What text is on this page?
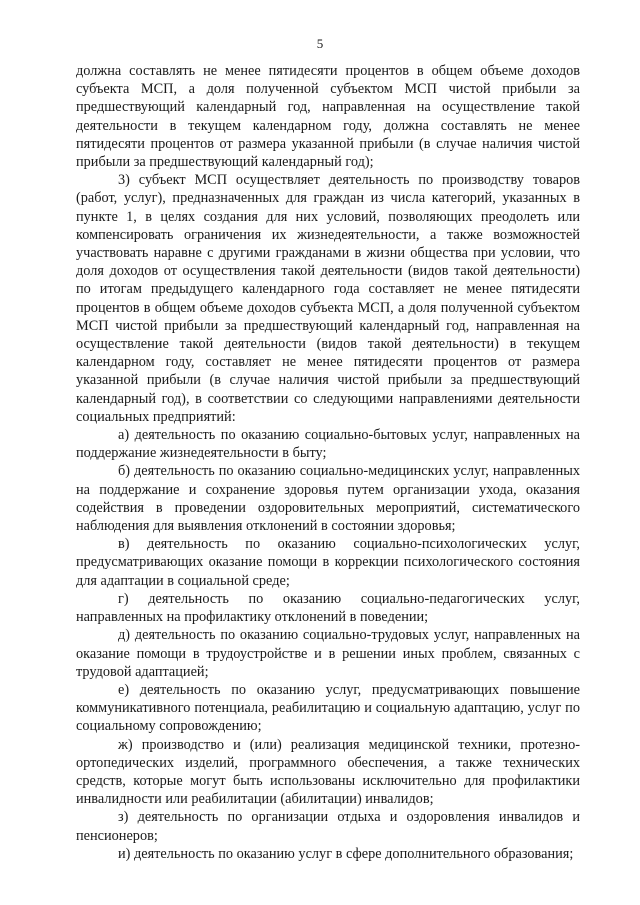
5

должна составлять не менее пятидесяти процентов в общем объеме доходов субъекта МСП, а доля полученной субъектом МСП чистой прибыли за предшествующий календарный год, направленная на осуществление такой деятельности в текущем календарном году, должна составлять не менее пятидесяти процентов от размера указанной прибыли (в случае наличия чистой прибыли за предшествующий календарный год);

3) субъект МСП осуществляет деятельность по производству товаров (работ, услуг), предназначенных для граждан из числа категорий, указанных в пункте 1, в целях создания для них условий, позволяющих преодолеть или компенсировать ограничения их жизнедеятельности, а также возможностей участвовать наравне с другими гражданами в жизни общества при условии, что доля доходов от осуществления такой деятельности (видов такой деятельности) по итогам предыдущего календарного года составляет не менее пятидесяти процентов в общем объеме доходов субъекта МСП, а доля полученной субъектом МСП чистой прибыли за предшествующий календарный год, направленная на осуществление такой деятельности (видов такой деятельности) в текущем календарном году, составляет не менее пятидесяти процентов от размера указанной прибыли (в случае наличия чистой прибыли за предшествующий календарный год), в соответствии со следующими направлениями деятельности социальных предприятий:

а) деятельность по оказанию социально-бытовых услуг, направленных на поддержание жизнедеятельности в быту;

б) деятельность по оказанию социально-медицинских услуг, направленных на поддержание и сохранение здоровья путем организации ухода, оказания содействия в проведении оздоровительных мероприятий, систематического наблюдения для выявления отклонений в состоянии здоровья;

в) деятельность по оказанию социально-психологических услуг, предусматривающих оказание помощи в коррекции психологического состояния для адаптации в социальной среде;

г) деятельность по оказанию социально-педагогических услуг, направленных на профилактику отклонений в поведении;

д) деятельность по оказанию социально-трудовых услуг, направленных на оказание помощи в трудоустройстве и в решении иных проблем, связанных с трудовой адаптацией;

е) деятельность по оказанию услуг, предусматривающих повышение коммуникативного потенциала, реабилитацию и социальную адаптацию, услуг по социальному сопровождению;

ж) производство и (или) реализация медицинской техники, протезно-ортопедических изделий, программного обеспечения, а также технических средств, которые могут быть использованы исключительно для профилактики инвалидности или реабилитации (абилитации) инвалидов;

з) деятельность по организации отдыха и оздоровления инвалидов и пенсионеров;

и) деятельность по оказанию услуг в сфере дополнительного образования;
